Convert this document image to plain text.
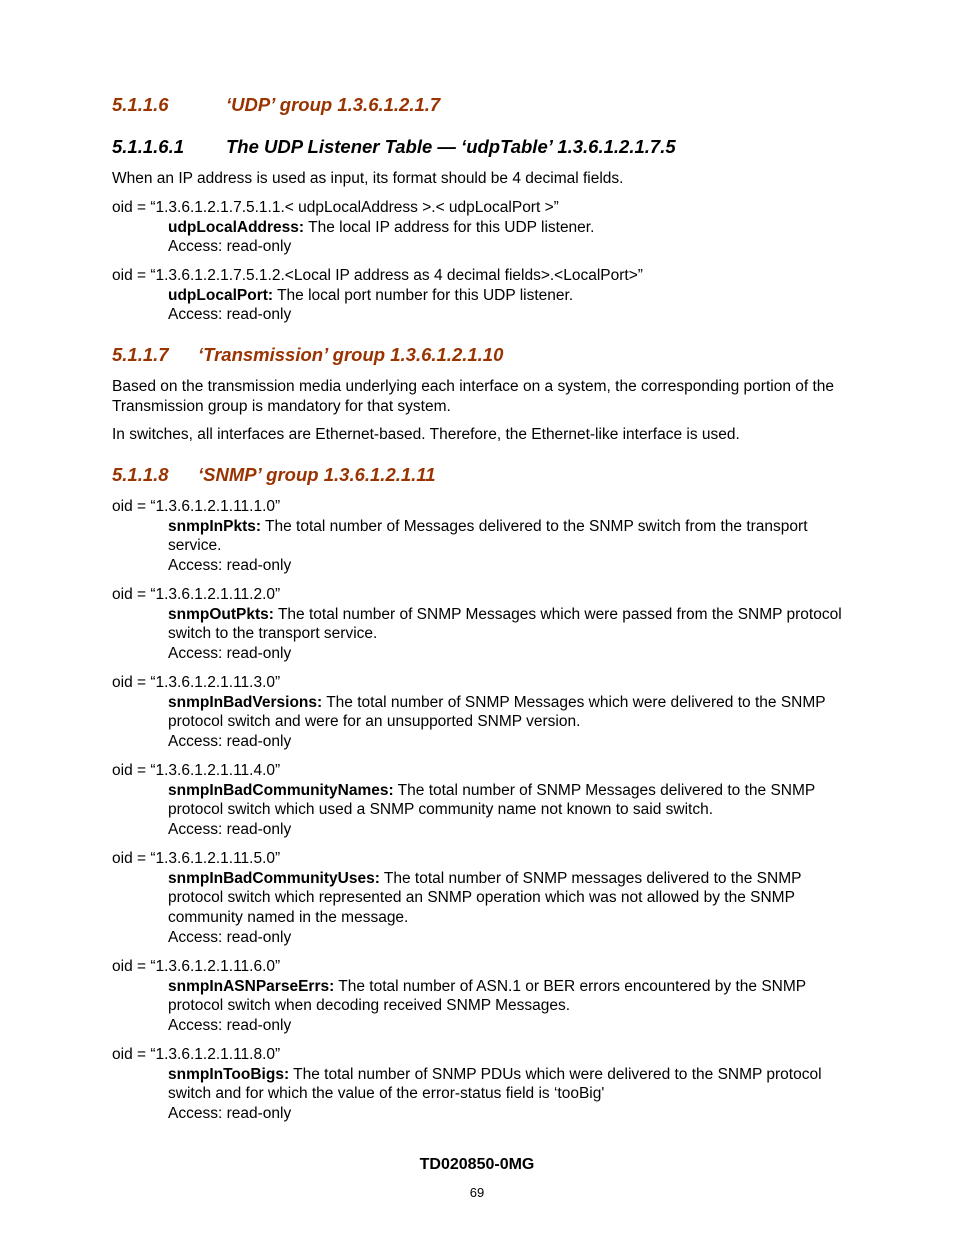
5.1.1.6	‘UDP’ group 1.3.6.1.2.1.7
5.1.1.6.1 The UDP Listener Table — ‘udpTable’ 1.3.6.1.2.1.7.5
When an IP address is used as input, its format should be 4 decimal fields.
oid = “1.3.6.1.2.1.7.5.1.1.< udpLocalAddress >.< udpLocalPort >”
udpLocalAddress: The local IP address for this UDP listener.
Access: read-only
oid = “1.3.6.1.2.1.7.5.1.2.<Local IP address as 4 decimal fields>.<LocalPort>”
udpLocalPort: The local port number for this UDP listener.
Access: read-only
5.1.1.7 ‘Transmission’ group 1.3.6.1.2.1.10
Based on the transmission media underlying each interface on a system, the corresponding portion of the Transmission group is mandatory for that system.
In switches, all interfaces are Ethernet-based. Therefore, the Ethernet-like interface is used.
5.1.1.8 ‘SNMP’ group 1.3.6.1.2.1.11
oid = “1.3.6.1.2.1.11.1.0”
snmpInPkts: The total number of Messages delivered to the SNMP switch from the transport service.
Access: read-only
oid = “1.3.6.1.2.1.11.2.0”
snmpOutPkts: The total number of SNMP Messages which were passed from the SNMP protocol switch to the transport service.
Access: read-only
oid = “1.3.6.1.2.1.11.3.0”
snmpInBadVersions: The total number of SNMP Messages which were delivered to the SNMP protocol switch and were for an unsupported SNMP version.
Access: read-only
oid = “1.3.6.1.2.1.11.4.0”
snmpInBadCommunityNames: The total number of SNMP Messages delivered to the SNMP protocol switch which used a SNMP community name not known to said switch.
Access: read-only
oid = “1.3.6.1.2.1.11.5.0”
snmpInBadCommunityUses: The total number of SNMP messages delivered to the SNMP protocol switch which represented an SNMP operation which was not allowed by the SNMP community named in the message.
Access: read-only
oid = “1.3.6.1.2.1.11.6.0”
snmpInASNParseErrs: The total number of ASN.1 or BER errors encountered by the SNMP protocol switch when decoding received SNMP Messages.
Access: read-only
oid = “1.3.6.1.2.1.11.8.0”
snmpInTooBigs: The total number of SNMP PDUs which were delivered to the SNMP protocol switch and for which the value of the error-status field is ‘tooBig'
Access: read-only
TD020850-0MG
69
